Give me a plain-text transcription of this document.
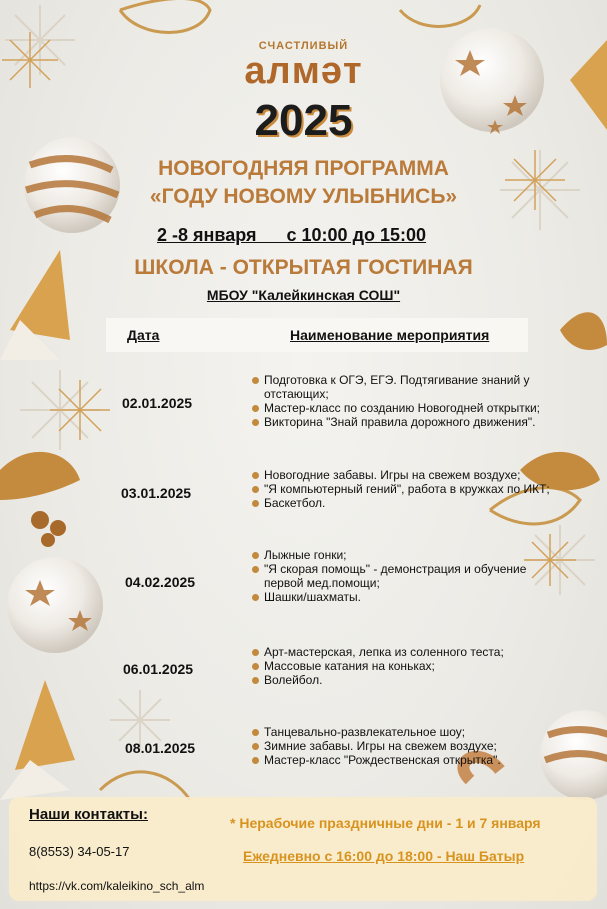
СЧАСТЛИВЫЙ
алмәт
2025
НОВОГОДНЯЯ ПРОГРАММА
«ГОДУ НОВОМУ УЛЫБНИСЬ»
2 -8 января с 10:00 до 15:00
ШКОЛА - ОТКРЫТАЯ ГОСТИНАЯ
МБОУ "Калейкинская СОШ"
Дата	Наименование мероприятия
02.01.2025
Подготовка к ОГЭ, ЕГЭ. Подтягивание знаний у отстающих;
Мастер-класс по созданию Новогодней открытки;
Викторина "Знай правила дорожного движения".
03.01.2025
Новогодние забавы. Игры на свежем воздухе;
"Я компьютерный гений", работа в кружках по ИКТ;
Баскетбол.
04.02.2025
Лыжные гонки;
"Я скорая помощь" - демонстрация и обучение первой мед.помощи;
Шашки/шахматы.
06.01.2025
Арт-мастерская, лепка из соленного теста;
Массовые катания на коньках;
Волейбол.
08.01.2025
Танцевально-развлекательное шоу;
Зимние забавы. Игры на свежем воздухе;
Мастер-класс "Рождественская открытка".
Наши контакты:
8(8553) 34-05-17
https://vk.com/kaleikino_sch_alm
* Нерабочие праздничные дни - 1 и 7 января
Ежедневно с 16:00 до 18:00 - Наш Батыр
